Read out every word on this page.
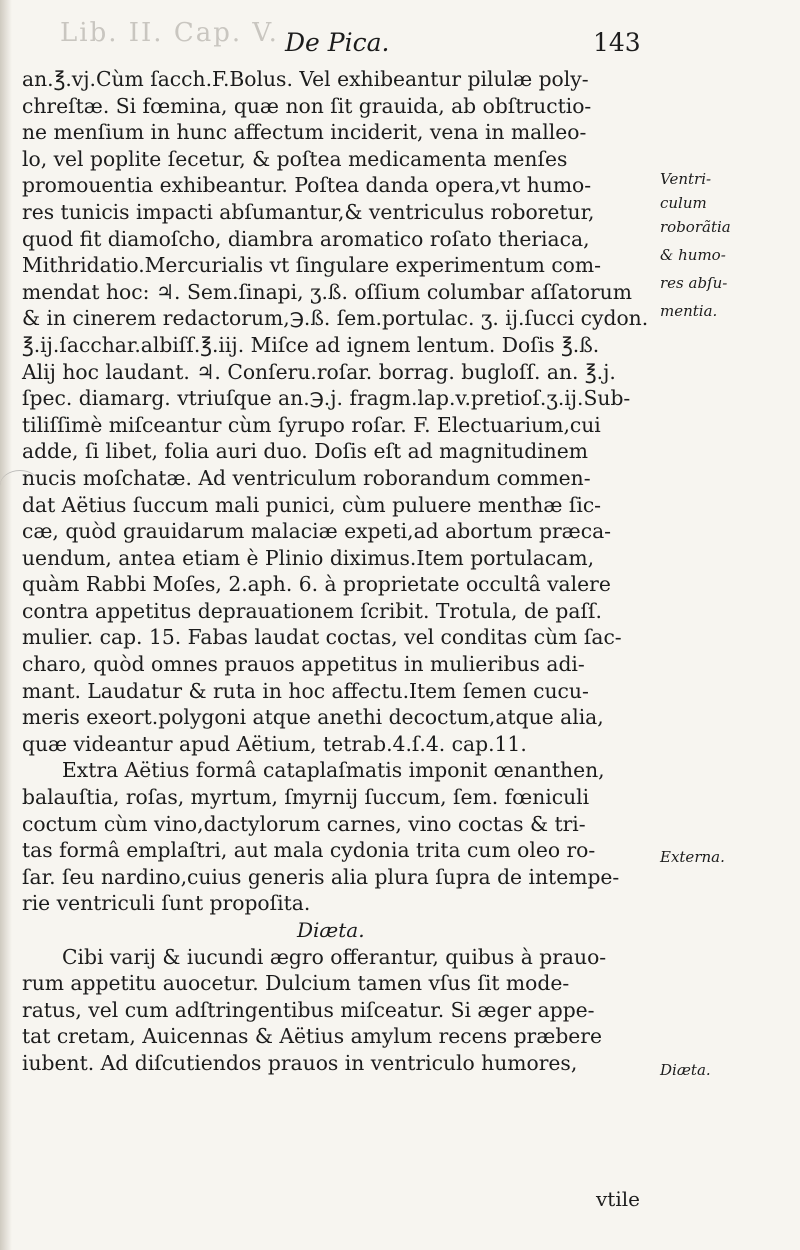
Lib. II. Cap. V. De Pica.	143
an.℥.vj.Cùm ſacch.F.Bolus. Vel exhibeantur pilulæ poly-
chreſtæ. Si fœmina, quæ non ſit grauida, ab obſtructio-
ne menſium in hunc affectum inciderit, vena in malleo-
lo, vel poplite ſecetur, & poſtea medicamenta menſes
promouentia exhibeantur. Poſtea danda opera,vt humo-
res tunicis impacti abſumantur,& ventriculus roboretur,
quod fit diamoſcho, diambra aromatico roſato theriaca,
Mithridatio.Mercurialis vt ſingulare experimentum com-
mendat hoc: ♃. Sem.ſinapi, ʒ.ß. oſſium columbar aſſatorum
& in cinerem redactorum,℈.ß. ſem.portulac. ʒ. ij.ſucci cydon.
℥.ij.ſacchar.albiſſ.℥.iij. Miſce ad ignem lentum. Doſis ℥.ß.
Alij hoc laudant. ♃. Conſeru.roſar. borrag. bugloſſ. an. ℥.j.
ſpec. diamarg. vtriuſque an.℈.j. fragm.lap.v.pretioſ.ʒ.ij.Sub-
tiliſſimè miſceantur cùm ſyrupo roſar. F. Electuarium,cui
adde, ſi libet, folia auri duo. Doſis eſt ad magnitudinem
nucis moſchatæ. Ad ventriculum roborandum commen-
dat Aëtius ſuccum mali punici, cùm puluere menthæ ſic-
cæ, quòd grauidarum malaciæ expeti,ad abortum præca-
uendum, antea etiam è Plinio diximus.Item portulacam,
quàm Rabbi Moſes, 2.aph. 6. à proprietate occultâ valere
contra appetitus deprauationem ſcribit. Trotula, de paſſ.
mulier. cap. 15. Fabas laudat coctas, vel conditas cùm ſac-
charo, quòd omnes prauos appetitus in mulieribus adi-
mant. Laudatur & ruta in hoc affectu.Item ſemen cucu-
meris exeort.polygoni atque anethi decoctum,atque alia,
quæ videantur apud Aëtium, tetrab.4.ſ.4. cap.11.
Extra Aëtius formâ cataplaſmatis imponit œnanthen,
balauſtia, roſas, myrtum, ſmyrnij ſuccum, ſem. fœniculi
coctum cùm vino,dactylorum carnes, vino coctas & tri-
tas formâ emplaſtri, aut mala cydonia trita cum oleo ro-
ſar. ſeu nardino,cuius generis alia plura ſupra de intempe-
rie ventriculi ſunt propoſita.
Diæta.
Cibi varij & iucundi ægro offerantur, quibus à prauo-
rum appetitu auocetur. Dulcium tamen vſus ſit mode-
ratus, vel cum adſtringentibus miſceatur. Si æger appe-
tat cretam, Auicennas & Aëtius amylum recens præbere
iubent. Ad diſcutiendos prauos in ventriculo humores,
vtile
Ventri-
culum
roborãtia
& humo-
res abſu-
mentia.
Externa.
Diæta.
